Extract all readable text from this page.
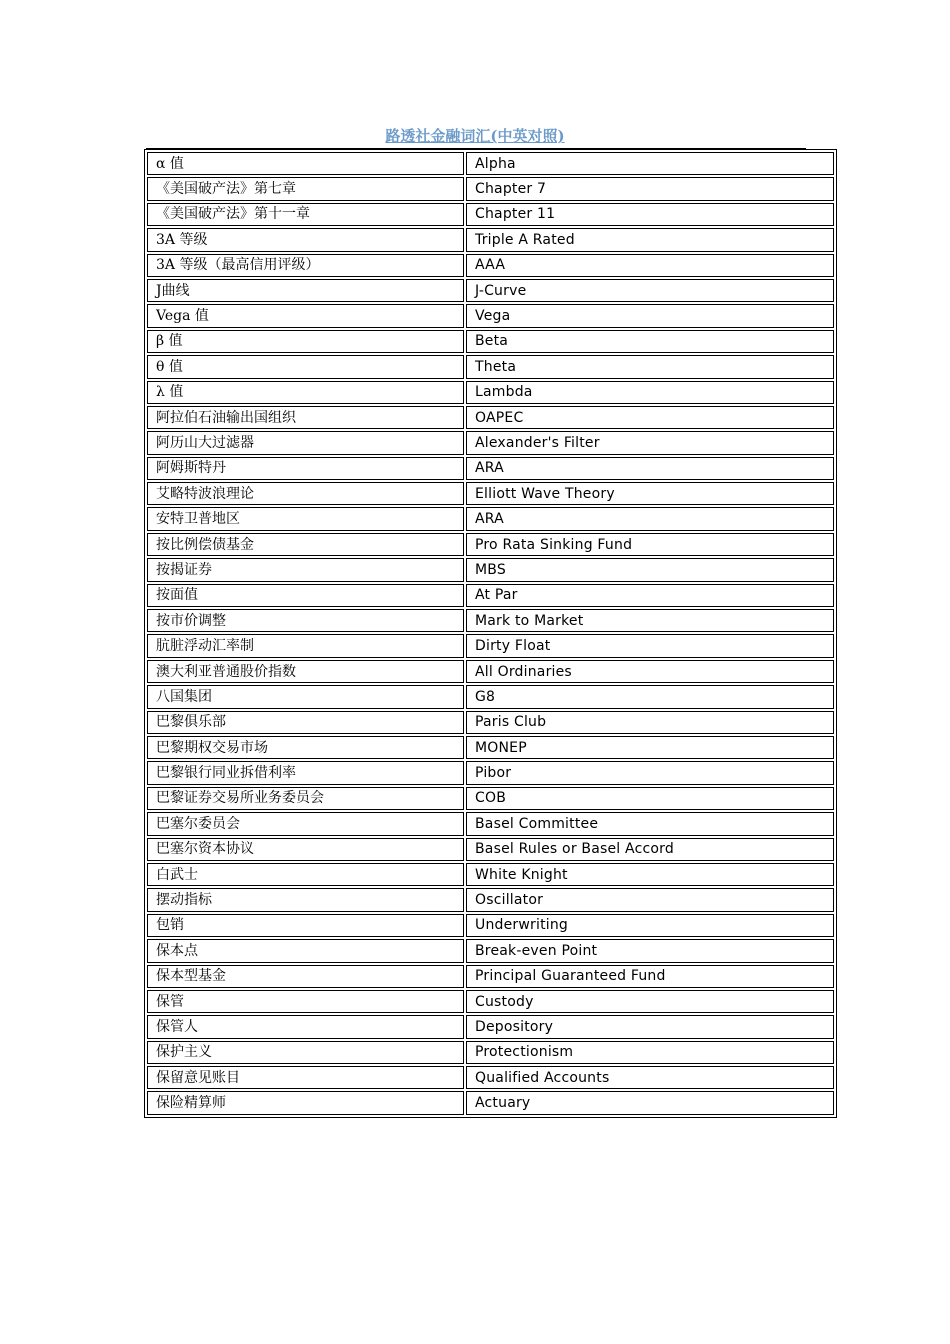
路透社金融词汇(中英对照)
α 值	Alpha
《美国破产法》第七章	Chapter 7
《美国破产法》第十一章	Chapter 11
3A 等级	Triple A Rated
3A 等级（最高信用评级）	AAA
J曲线	J-Curve
Vega 值	Vega
β 值	Beta
θ 值	Theta
λ 值	Lambda
阿拉伯石油输出国组织	OAPEC
阿历山大过滤器	Alexander's Filter
阿姆斯特丹	ARA
艾略特波浪理论	Elliott Wave Theory
安特卫普地区	ARA
按比例偿债基金	Pro Rata Sinking Fund
按揭证券	MBS
按面值	At Par
按市价调整	Mark to Market
肮脏浮动汇率制	Dirty Float
澳大利亚普通股价指数	All Ordinaries
八国集团	G8
巴黎俱乐部	Paris Club
巴黎期权交易市场	MONEP
巴黎银行同业拆借利率	Pibor
巴黎证券交易所业务委员会	COB
巴塞尔委员会	Basel Committee
巴塞尔资本协议	Basel Rules or Basel Accord
白武士	White Knight
摆动指标	Oscillator
包销	Underwriting
保本点	Break-even Point
保本型基金	Principal Guaranteed Fund
保管	Custody
保管人	Depository
保护主义	Protectionism
保留意见账目	Qualified Accounts
保险精算师	Actuary
